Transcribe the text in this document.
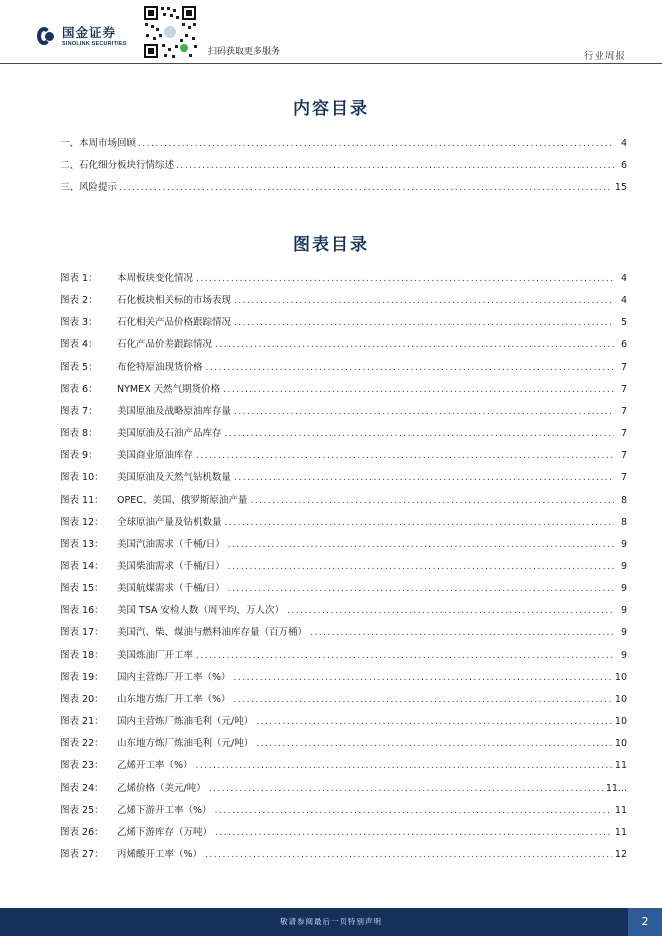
国金证券
SINOLINK SECURITIES
扫码获取更多服务	行业周报
内容目录
一、本周市场回顾 .....	4
二、石化细分板块行情综述 .....	6
三、风险提示 .....	15
图表目录
图表 1：	本周板块变化情况 .....	4
图表 2：	石化板块相关标的市场表现 .....	4
图表 3：	石化相关产品价格跟踪情况 .....	5
图表 4：	石化产品价差跟踪情况 .....	6
图表 5：	布伦特原油现货价格 .....	7
图表 6：	NYMEX 天然气期货价格 .....	7
图表 7：	美国原油及战略原油库存量 .....	7
图表 8：	美国原油及石油产品库存 .....	7
图表 9：	美国商业原油库存 .....	7
图表 10：	美国原油及天然气钻机数量 .....	7
图表 11：	OPEC、美国、俄罗斯原油产量 .....	8
图表 12：	全球原油产量及钻机数量 .....	8
图表 13：	美国汽油需求（千桶/日） .....	9
图表 14：	美国柴油需求（千桶/日） .....	9
图表 15：	美国航煤需求（千桶/日） .....	9
图表 16：	美国 TSA 安检人数（周平均，万人次） .....	9
图表 17：	美国汽、柴、煤油与燃料油库存量（百万桶） .....	9
图表 18：	美国炼油厂开工率 .....	9
图表 19：	国内主营炼厂开工率（%） .....	10
图表 20：	山东地方炼厂开工率（%） .....	10
图表 21：	国内主营炼厂炼油毛利（元/吨） .....	10
图表 22：	山东地方炼厂炼油毛利（元/吨） .....	10
图表 23：	乙烯开工率（%） .....	11
图表 24：	乙烯价格（美元/吨） .....	11...
图表 25：	乙烯下游开工率（%） .....	11
图表 26：	乙烯下游库存（万吨） .....	11
图表 27：	丙烯酸开工率（%） .....	12
敬请参阅最后一页特别声明	2
